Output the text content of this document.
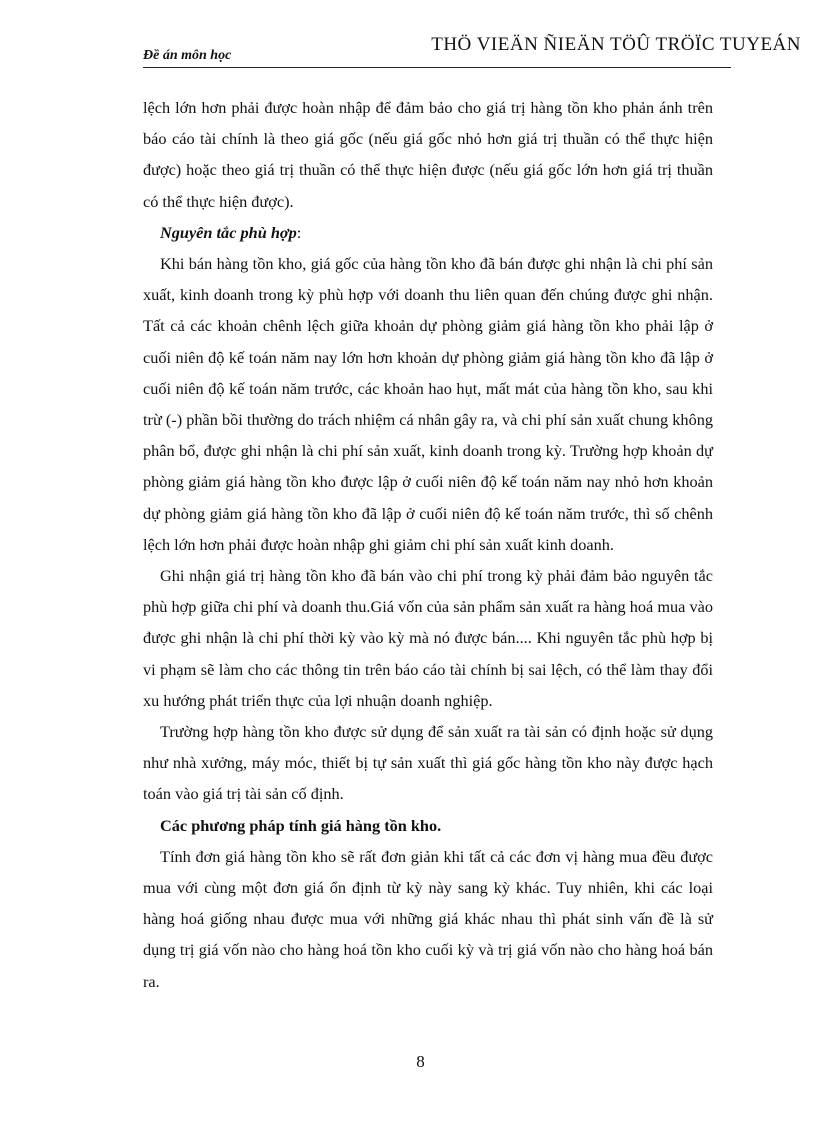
Đề án môn học
THÖ VIEÄN ÑIEÄN TÖÛ TRÖÏC TUYEÁN

lệch lớn hơn phải được hoàn nhập để đảm bảo cho giá trị hàng tồn kho phản ánh trên báo cáo tài chính là theo giá gốc (nếu giá gốc nhỏ hơn giá trị thuần có thể thực hiện được) hoặc theo giá trị thuần có thể thực hiện được (nếu giá gốc lớn hơn giá trị thuần có thể thực hiện được).

Nguyên tắc phù hợp:

Khi bán hàng tồn kho, giá gốc của hàng tồn kho đã bán được ghi nhận là chi phí sản xuất, kinh doanh trong kỳ phù hợp với doanh thu liên quan đến chúng được ghi nhận. Tất cả các khoản chênh lệch giữa khoản dự phòng giảm giá hàng tồn kho phải lập ở cuối niên độ kế toán năm nay lớn hơn khoản dự phòng giảm giá hàng tồn kho đã lập ở cuối niên độ kế toán năm trước, các khoản hao hụt, mất mát của hàng tồn kho, sau khi trừ (-) phần bồi thường do trách nhiệm cá nhân gây ra, và chi phí sản xuất chung không phân bổ, được ghi nhận là chi phí sản xuất, kinh doanh trong kỳ. Trường hợp khoản dự phòng giảm giá hàng tồn kho được lập ở cuối niên độ kế toán năm nay nhỏ hơn khoản dự phòng giảm giá hàng tồn kho đã lập ở cuối niên độ kế toán năm trước, thì số chênh lệch lớn hơn phải được hoàn nhập ghi giảm chi phí sản xuất kinh doanh.

Ghi nhận giá trị hàng tồn kho đã bán vào chi phí trong kỳ phải đảm bảo nguyên tắc phù hợp giữa chi phí và doanh thu.Giá vốn của sản phẩm sản xuất ra hàng hoá mua vào được ghi nhận là chi phí thời kỳ vào kỳ mà nó được bán.... Khi nguyên tắc phù hợp bị vi phạm sẽ làm cho các thông tin trên báo cáo tài chính bị sai lệch, có thể làm thay đổi xu hướng phát triển thực của lợi nhuận doanh nghiệp.

Trường hợp hàng tồn kho được sử dụng để sản xuất ra tài sản có định hoặc sử dụng như nhà xưởng, máy móc, thiết bị tự sản xuất thì giá gốc hàng tồn kho này được hạch toán vào giá trị tài sản cố định.

Các phương pháp tính giá hàng tồn kho.

Tính đơn giá hàng tồn kho sẽ rất đơn giản khi tất cả các đơn vị hàng mua đều được mua với cùng một đơn giá ổn định từ kỳ này sang kỳ khác. Tuy nhiên, khi các loại hàng hoá giống nhau được mua với những giá khác nhau thì phát sinh vấn đề là sử dụng trị giá vốn nào cho hàng hoá tồn kho cuối kỳ và trị giá vốn nào cho hàng hoá bán ra.

8
